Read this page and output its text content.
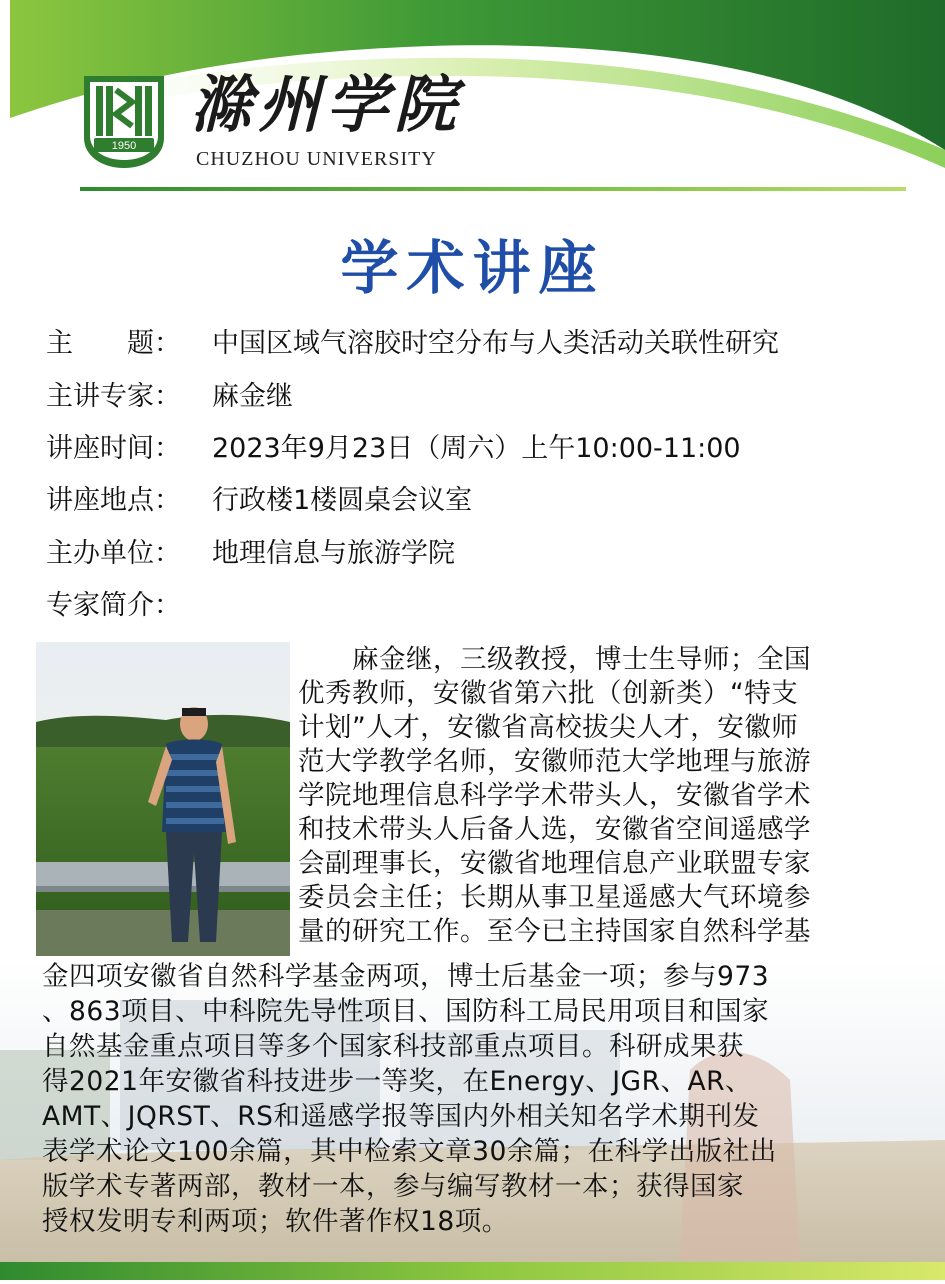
1950
滁州学院
CHUZHOU UNIVERSITY
学术讲座
主　　题： 中国区域气溶胶时空分布与人类活动关联性研究
主讲专家： 麻金继
讲座时间： 2023年9月23日（周六）上午10:00-11:00
讲座地点： 行政楼1楼圆桌会议室
主办单位： 地理信息与旅游学院
专家简介：
　　麻金继，三级教授，博士生导师；全国
优秀教师，安徽省第六批（创新类）“特支
计划”人才，安徽省高校拔尖人才，安徽师
范大学教学名师，安徽师范大学地理与旅游
学院地理信息科学学术带头人，安徽省学术
和技术带头人后备人选，安徽省空间遥感学
会副理事长，安徽省地理信息产业联盟专家
委员会主任；长期从事卫星遥感大气环境参
量的研究工作。至今已主持国家自然科学基
金四项安徽省自然科学基金两项，博士后基金一项；参与973
、863项目、中科院先导性项目、国防科工局民用项目和国家
自然基金重点项目等多个国家科技部重点项目。科研成果获
得2021年安徽省科技进步一等奖，在Energy、JGR、AR、
AMT、JQRST、RS和遥感学报等国内外相关知名学术期刊发
表学术论文100余篇，其中检索文章30余篇；在科学出版社出
版学术专著两部，教材一本，参与编写教材一本；获得国家
授权发明专利两项；软件著作权18项。
